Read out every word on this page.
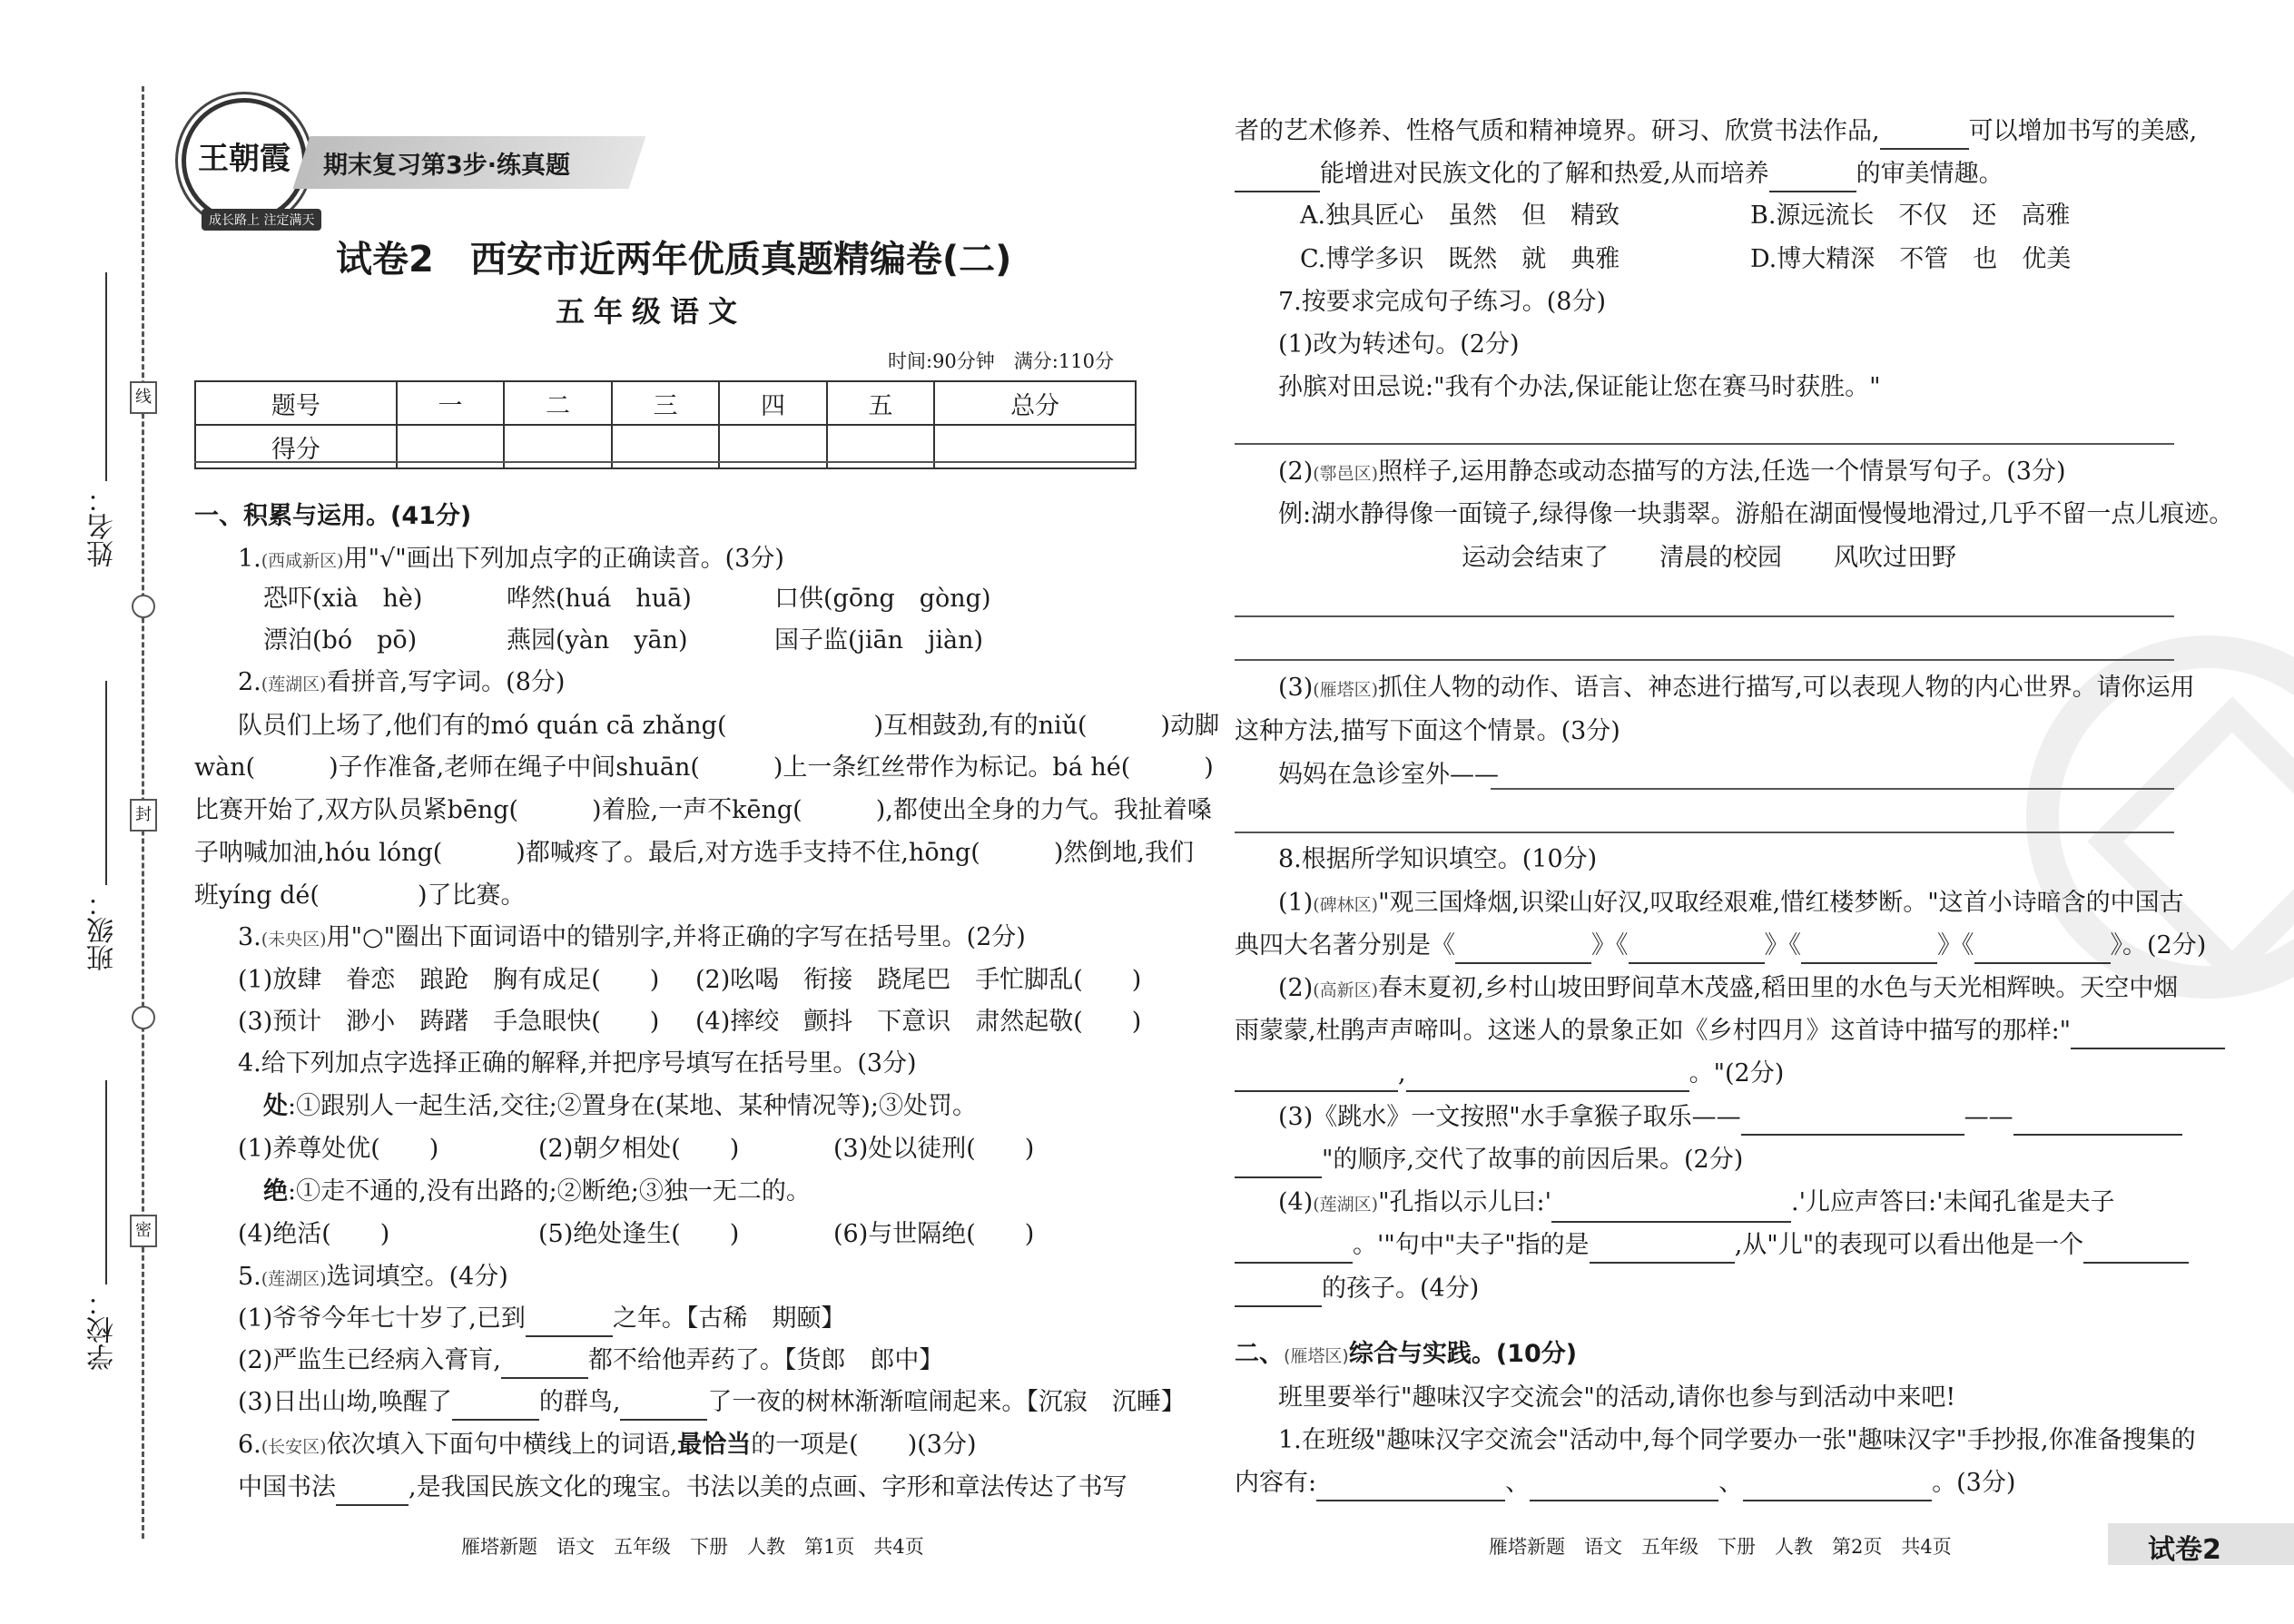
线
封
密
姓名：
班级：
学校：
王朝霞
成长路上 注定满天
期末复习第3步·练真题
试卷2　西安市近两年优质真题精编卷(二)
五年级语文
时间:90分钟　满分:110分
题号	一	二	三	四	五	总分
得分						
一、积累与运用。(41分)
1.(西咸新区)用"√"画出下列加点字的正确读音。(3分)
恐吓(xià　hè)	哗然(huá　huā)	口供(gōng　gòng)
漂泊(bó　pō)	燕园(yàn　yān)	国子监(jiān　jiàn)
2.(莲湖区)看拼音,写字词。(8分)
队员们上场了,他们有的mó quán cā zhǎng(　　　　　　)互相鼓劲,有的niǔ(　　　)动脚
wàn(　　　)子作准备,老师在绳子中间shuān(　　　)上一条红丝带作为标记。bá hé(　　　)
比赛开始了,双方队员紧bēng(　　　)着脸,一声不kēng(　　　),都使出全身的力气。我扯着嗓
子呐喊加油,hóu lóng(　　　)都喊疼了。最后,对方选手支持不住,hōng(　　　)然倒地,我们
班yíng dé(　　　　)了比赛。
3.(未央区)用"○"圈出下面词语中的错别字,并将正确的字写在括号里。(2分)
(1)放肆　眷恋　踉跄　胸有成足(　　) (2)吆喝　衔接　跷尾巴　手忙脚乱(　　)
(3)预计　渺小　踌躇　手急眼快(　　) (4)摔绞　颤抖　下意识　肃然起敬(　　)
4.给下列加点字选择正确的解释,并把序号填写在括号里。(3分)
处:①跟别人一起生活,交往;②置身在(某地、某种情况等);③处罚。
(1)养尊处优(　　)	(2)朝夕相处(　　)	(3)处以徒刑(　　)
绝:①走不通的,没有出路的;②断绝;③独一无二的。
(4)绝活(　　)	(5)绝处逢生(　　)	(6)与世隔绝(　　)
5.(莲湖区)选词填空。(4分)
(1)爷爷今年七十岁了,已到	之年。【古稀　期颐】
(2)严监生已经病入膏肓,	都不给他弄药了。【货郎　郎中】
(3)日出山坳,唤醒了	的群鸟,	了一夜的树林渐渐喧闹起来。【沉寂　沉睡】
6.(长安区)依次填入下面句中横线上的词语,最恰当的一项是(　　)(3分)
中国书法	,是我国民族文化的瑰宝。书法以美的点画、字形和章法传达了书写
雁塔新题　语文　五年级　下册　人教　第1页　共4页
者的艺术修养、性格气质和精神境界。研习、欣赏书法作品,	可以增加书写的美感,
能增进对民族文化的了解和热爱,从而培养	的审美情趣。
A.独具匠心　虽然　但　精致	B.源远流长　不仅　还　高雅
C.博学多识　既然　就　典雅	D.博大精深　不管　也　优美
7.按要求完成句子练习。(8分)
(1)改为转述句。(2分)
孙膑对田忌说:"我有个办法,保证能让您在赛马时获胜。"
(2)(鄠邑区)照样子,运用静态或动态描写的方法,任选一个情景写句子。(3分)
例:湖水静得像一面镜子,绿得像一块翡翠。游船在湖面慢慢地滑过,几乎不留一点儿痕迹。
运动会结束了 清晨的校园 风吹过田野
(3)(雁塔区)抓住人物的动作、语言、神态进行描写,可以表现人物的内心世界。请你运用
这种方法,描写下面这个情景。(3分)
妈妈在急诊室外——
8.根据所学知识填空。(10分)
(1)(碑林区)"观三国烽烟,识梁山好汉,叹取经艰难,惜红楼梦断。"这首小诗暗含的中国古
典四大名著分别是《	》《	》《	》《	》。(2分)
(2)(高新区)春末夏初,乡村山坡田野间草木茂盛,稻田里的水色与天光相辉映。天空中烟
雨蒙蒙,杜鹃声声啼叫。这迷人的景象正如《乡村四月》这首诗中描写的那样:"
,	。"(2分)
(3)《跳水》一文按照"水手拿猴子取乐——	——
"的顺序,交代了故事的前因后果。(2分)
(4)(莲湖区)"孔指以示儿曰:'	.'儿应声答曰:'未闻孔雀是夫子
。'"句中"夫子"指的是	,从"儿"的表现可以看出他是一个
的孩子。(4分)
二、(雁塔区)综合与实践。(10分)
班里要举行"趣味汉字交流会"的活动,请你也参与到活动中来吧!
1.在班级"趣味汉字交流会"活动中,每个同学要办一张"趣味汉字"手抄报,你准备搜集的
内容有:	、	、	。(3分)
雁塔新题　语文　五年级　下册　人教　第2页　共4页	试卷2
